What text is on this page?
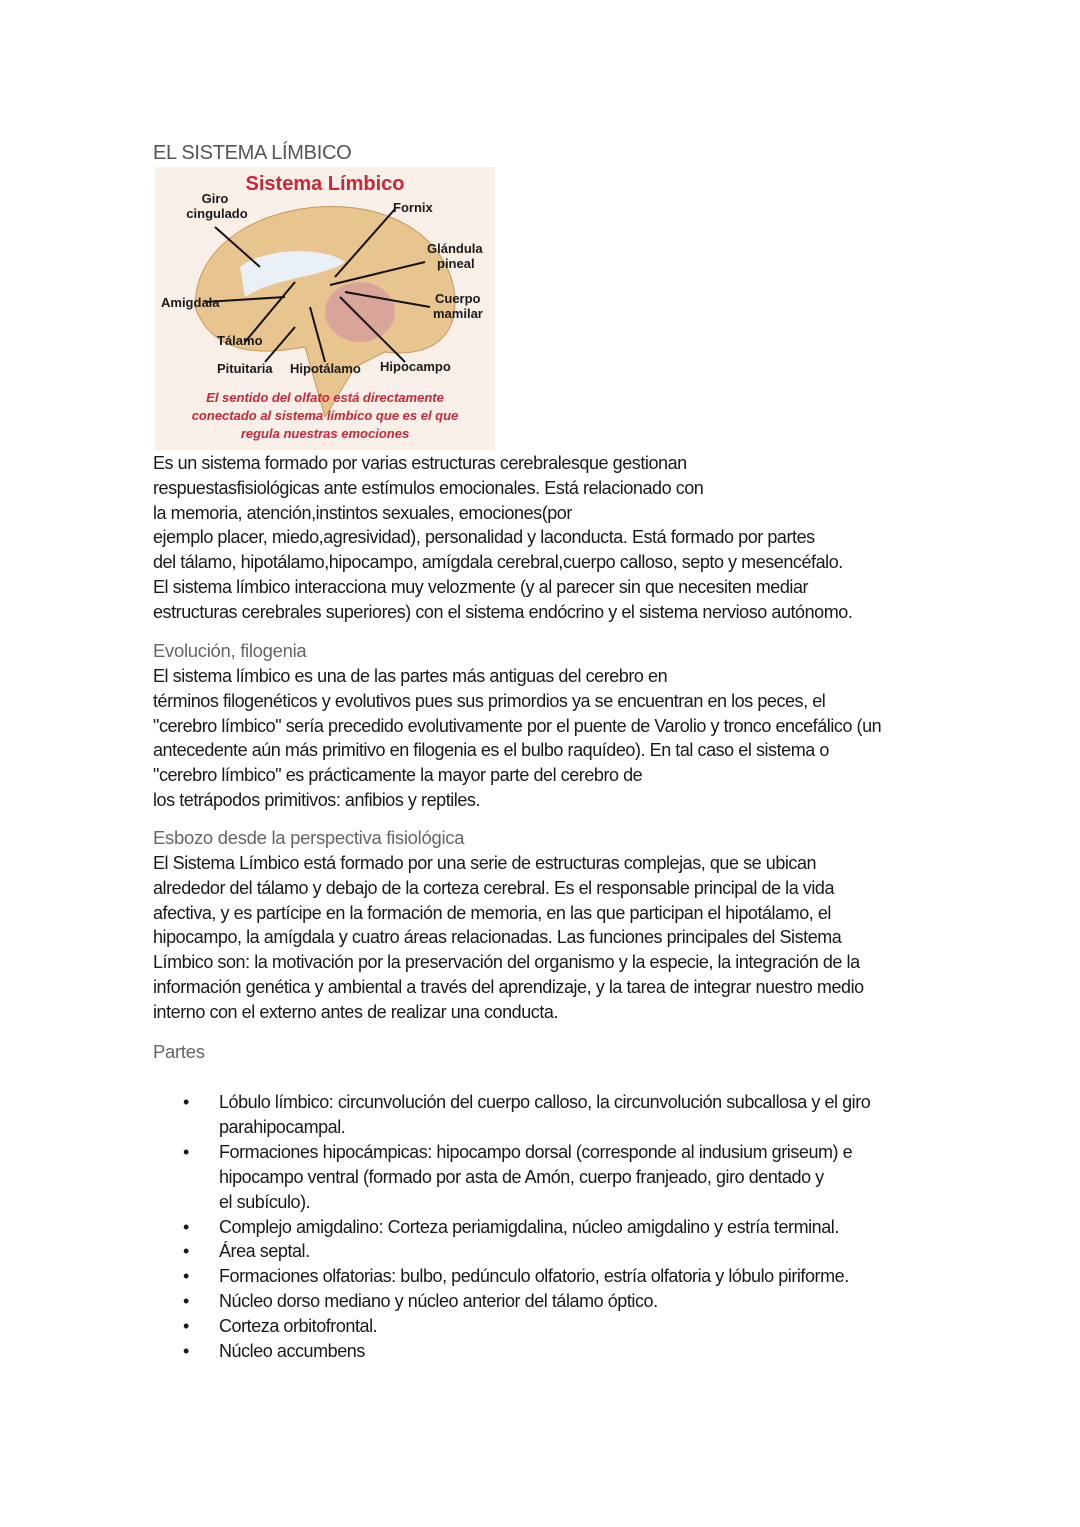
EL SISTEMA LÍMBICO
Sistema Límbico
Giro
cingulado	Fornix
Glándula
pineal
Amigdala	Cuerpo
mamilar
Tálamo
Pituitaria Hipotálamo Hipocampo
El sentido del olfato está directamente
conectado al sistema límbico que es el que
regula nuestras emociones
Es un sistema formado por varias estructuras cerebralesque gestionan
respuestasfisiológicas ante estímulos emocionales. Está relacionado con
la memoria, atención,instintos sexuales, emociones(por
ejemplo placer, miedo,agresividad), personalidad y laconducta. Está formado por partes
del tálamo, hipotálamo,hipocampo, amígdala cerebral,cuerpo calloso, septo y mesencéfalo.
El sistema límbico interacciona muy velozmente (y al parecer sin que necesiten mediar
estructuras cerebrales superiores) con el sistema endócrino y el sistema nervioso autónomo.
Evolución, filogenia
El sistema límbico es una de las partes más antiguas del cerebro en
términos filogenéticos y evolutivos pues sus primordios ya se encuentran en los peces, el
"cerebro límbico" sería precedido evolutivamente por el puente de Varolio y tronco encefálico (un
antecedente aún más primitivo en filogenia es el bulbo raquídeo). En tal caso el sistema o
"cerebro límbico" es prácticamente la mayor parte del cerebro de
los tetrápodos primitivos: anfibios y reptiles.
Esbozo desde la perspectiva fisiológica
El Sistema Límbico está formado por una serie de estructuras complejas, que se ubican
alrededor del tálamo y debajo de la corteza cerebral. Es el responsable principal de la vida
afectiva, y es partícipe en la formación de memoria, en las que participan el hipotálamo, el
hipocampo, la amígdala y cuatro áreas relacionadas. Las funciones principales del Sistema
Límbico son: la motivación por la preservación del organismo y la especie, la integración de la
información genética y ambiental a través del aprendizaje, y la tarea de integrar nuestro medio
interno con el externo antes de realizar una conducta.
Partes
• Lóbulo límbico: circunvolución del cuerpo calloso, la circunvolución subcallosa y el giro
parahipocampal.
• Formaciones hipocámpicas: hipocampo dorsal (corresponde al indusium griseum) e
hipocampo ventral (formado por asta de Amón, cuerpo franjeado, giro dentado y
el subículo).
• Complejo amigdalino: Corteza periamigdalina, núcleo amigdalino y estría terminal.
• Área septal.
• Formaciones olfatorias: bulbo, pedúnculo olfatorio, estría olfatoria y lóbulo piriforme.
• Núcleo dorso mediano y núcleo anterior del tálamo óptico.
• Corteza orbitofrontal.
• Núcleo accumbens
